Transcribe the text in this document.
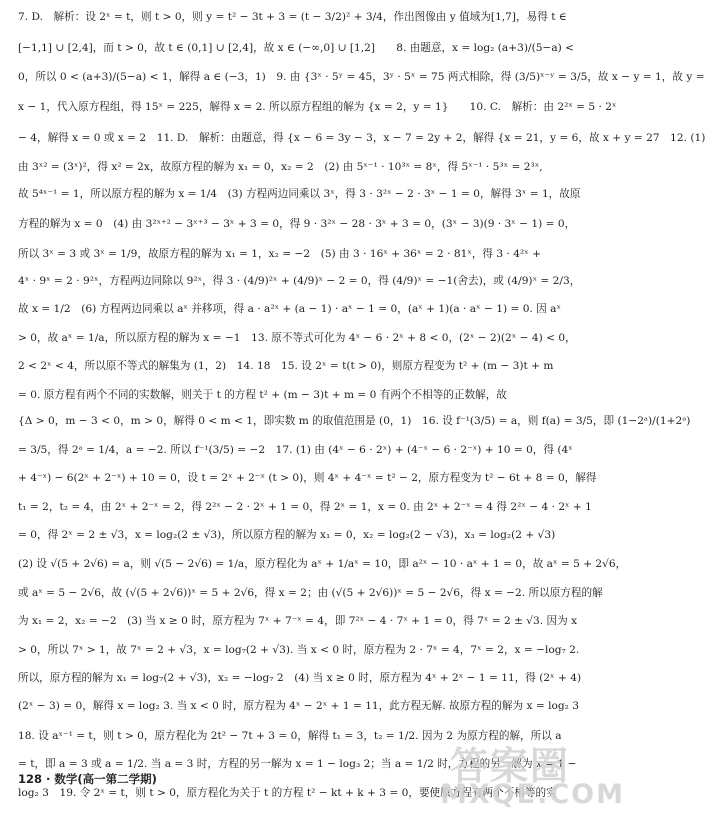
7. D.　解析：设 2ˣ = t，则 t > 0，则 y = t² − 3t + 3 = (t − 3/2)² + 3/4，作出图像由 y 值域为[1,7]，易得 t ∈
[−1,1] ∪ [2,4]，而 t > 0，故 t ∈ (0,1] ∪ [2,4]，故 x ∈ (−∞,0] ∪ [1,2]　　8. 由题意，x = log₂ (a+3)/(5−a) <
0，所以 0 < (a+3)/(5−a) < 1，解得 a ∈ (−3，1)　9. 由 {3ˣ · 5ʸ = 45，3ʸ · 5ˣ = 75 两式相除，得 (3/5)ˣ⁻ʸ = 3/5，故 x − y = 1，故 y =
x − 1，代入原方程组，得 15ˣ = 225，解得 x = 2. 所以原方程组的解为 {x = 2，y = 1}　　10. C.　解析：由 2²ˣ = 5 · 2ˣ
− 4，解得 x = 0 或 x = 2　11. D.　解析：由题意，得 {x − 6 = 3y − 3，x − 7 = 2y + 2，解得 {x = 21，y = 6，故 x + y = 27　12. (1)
由 3ˣ² = (3ˣ)²，得 x² = 2x，故原方程的解为 x₁ = 0，x₂ = 2　(2) 由 5ˣ⁻¹ · 10³ˣ = 8ˣ，得 5ˣ⁻¹ · 5³ˣ = 2³ˣ,
故 5⁴ˣ⁻¹ = 1，所以原方程的解为 x = 1/4　(3) 方程两边同乘以 3ˣ，得 3 · 3²ˣ − 2 · 3ˣ − 1 = 0，解得 3ˣ = 1，故原
方程的解为 x = 0　(4) 由 3²ˣ⁺² − 3ˣ⁺³ − 3ˣ + 3 = 0，得 9 · 3²ˣ − 28 · 3ˣ + 3 = 0，(3ˣ − 3)(9 · 3ˣ − 1) = 0，
所以 3ˣ = 3 或 3ˣ = 1/9，故原方程的解为 x₁ = 1，x₂ = −2　(5) 由 3 · 16ˣ + 36ˣ = 2 · 81ˣ，得 3 · 4²ˣ +
4ˣ · 9ˣ = 2 · 9²ˣ，方程两边同除以 9²ˣ，得 3 · (4/9)²ˣ + (4/9)ˣ − 2 = 0，得 (4/9)ˣ = −1(舍去)，或 (4/9)ˣ = 2/3，
故 x = 1/2　(6) 方程两边同乘以 aˣ 并移项，得 a · a²ˣ + (a − 1) · aˣ − 1 = 0，(aˣ + 1)(a · aˣ − 1) = 0. 因 aˣ
> 0，故 aˣ = 1/a，所以原方程的解为 x = −1　13. 原不等式可化为 4ˣ − 6 · 2ˣ + 8 < 0，(2ˣ − 2)(2ˣ − 4) < 0，
2 < 2ˣ < 4，所以原不等式的解集为 (1，2)　14. 18　15. 设 2ˣ = t(t > 0)，则原方程变为 t² + (m − 3)t + m
= 0. 原方程有两个不同的实数解，则关于 t 的方程 t² + (m − 3)t + m = 0 有两个不相等的正数解，故
{Δ > 0，m − 3 < 0，m > 0，解得 0 < m < 1，即实数 m 的取值范围是 (0，1)　16. 设 f⁻¹(3/5) = a，则 f(a) = 3/5，即 (1−2ᵃ)/(1+2ᵃ)
= 3/5，得 2ᵃ = 1/4，a = −2. 所以 f⁻¹(3/5) = −2　17. (1) 由 (4ˣ − 6 · 2ˣ) + (4⁻ˣ − 6 · 2⁻ˣ) + 10 = 0，得 (4ˣ
+ 4⁻ˣ) − 6(2ˣ + 2⁻ˣ) + 10 = 0，设 t = 2ˣ + 2⁻ˣ (t > 0)，则 4ˣ + 4⁻ˣ = t² − 2，原方程变为 t² − 6t + 8 = 0，解得
t₁ = 2，t₂ = 4，由 2ˣ + 2⁻ˣ = 2，得 2²ˣ − 2 · 2ˣ + 1 = 0，得 2ˣ = 1，x = 0. 由 2ˣ + 2⁻ˣ = 4 得 2²ˣ − 4 · 2ˣ + 1
= 0，得 2ˣ = 2 ± √3，x = log₂(2 ± √3)，所以原方程的解为 x₁ = 0，x₂ = log₂(2 − √3)，x₃ = log₂(2 + √3)
(2) 设 √(5 + 2√6) = a，则 √(5 − 2√6) = 1/a，原方程化为 aˣ + 1/aˣ = 10，即 a²ˣ − 10 · aˣ + 1 = 0，故 aˣ = 5 + 2√6，
或 aˣ = 5 − 2√6，故 (√(5 + 2√6))ˣ = 5 + 2√6，得 x = 2；由 (√(5 + 2√6))ˣ = 5 − 2√6，得 x = −2. 所以原方程的解
为 x₁ = 2，x₂ = −2　(3) 当 x ≥ 0 时，原方程为 7ˣ + 7⁻ˣ = 4，即 7²ˣ − 4 · 7ˣ + 1 = 0，得 7ˣ = 2 ± √3. 因为 x
> 0，所以 7ˣ > 1，故 7ˣ = 2 + √3，x = log₇(2 + √3). 当 x < 0 时，原方程为 2 · 7ˣ = 4，7ˣ = 2，x = −log₇ 2.
所以，原方程的解为 x₁ = log₇(2 + √3)，x₂ = −log₇ 2　(4) 当 x ≥ 0 时，原方程为 4ˣ + 2ˣ − 1 = 11，得 (2ˣ + 4)
(2ˣ − 3) = 0，解得 x = log₂ 3. 当 x < 0 时，原方程为 4ˣ − 2ˣ + 1 = 11，此方程无解. 故原方程的解为 x = log₂ 3
18. 设 aˣ⁻¹ = t，则 t > 0，原方程化为 2t² − 7t + 3 = 0，解得 t₁ = 3，t₂ = 1/2. 因为 2 为原方程的解，所以 a
= t，即 a = 3 或 a = 1/2. 当 a = 3 时，方程的另一解为 x = 1 − log₃ 2；当 a = 1/2 时，方程的另一解为 x = 1 −
log₂ 3　19. 令 2ˣ = t，则 t > 0，原方程化为关于 t 的方程 t² − kt + k + 3 = 0，要使原方程有两个不相等的实
128 · 数学(高一第二学期)	答案圈
MXQE.COM
